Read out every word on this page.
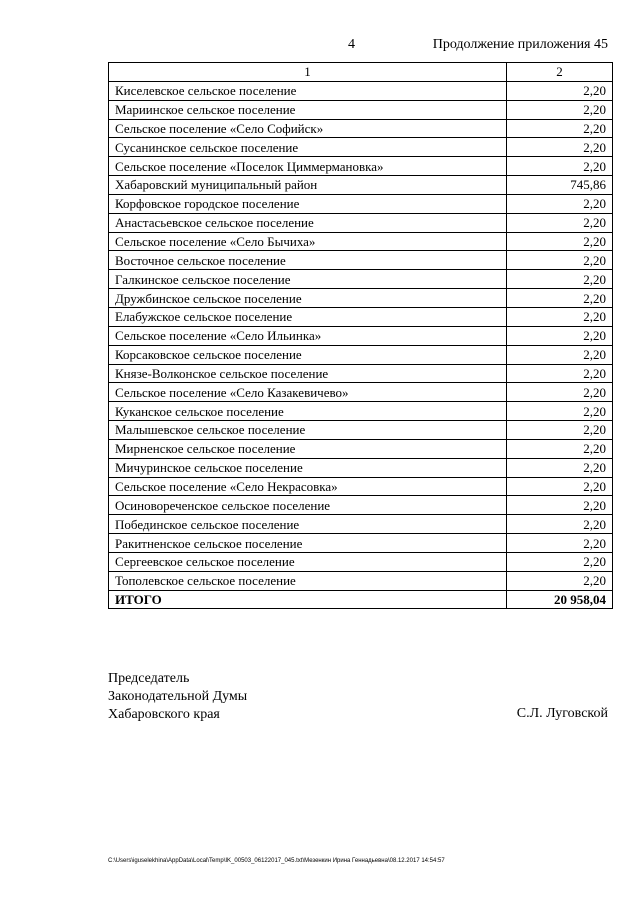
4	Продолжение приложения 45
1	2
Киселевское сельское поселение	2,20
Мариинское сельское поселение	2,20
Сельское поселение «Село Софийск»	2,20
Сусанинское сельское поселение	2,20
Сельское поселение «Поселок Циммермановка»	2,20
Хабаровский муниципальный район	745,86
Корфовское городское поселение	2,20
Анастасьевское сельское поселение	2,20
Сельское поселение «Село Бычиха»	2,20
Восточное сельское поселение	2,20
Галкинское сельское поселение	2,20
Дружбинское сельское поселение	2,20
Елабужское сельское поселение	2,20
Сельское поселение «Село Ильинка»	2,20
Корсаковское сельское поселение	2,20
Князе-Волконское сельское поселение	2,20
Сельское поселение «Село Казакевичево»	2,20
Куканское сельское поселение	2,20
Малышевское сельское поселение	2,20
Мирненское сельское поселение	2,20
Мичуринское сельское поселение	2,20
Сельское поселение «Село Некрасовка»	2,20
Осиновореченское сельское поселение	2,20
Побединское сельское поселение	2,20
Ракитненское сельское поселение	2,20
Сергеевское сельское поселение	2,20
Тополевское сельское поселение	2,20
ИТОГО	20 958,04
Председатель
Законодательной Думы
Хабаровского края	С.Л. Луговской
C:\Users\iguselekhina\AppData\Local\Temp\IK_00503_06122017_045.txt\Мезенкин Ирина Геннадьевна\08.12.2017 14:54:57
